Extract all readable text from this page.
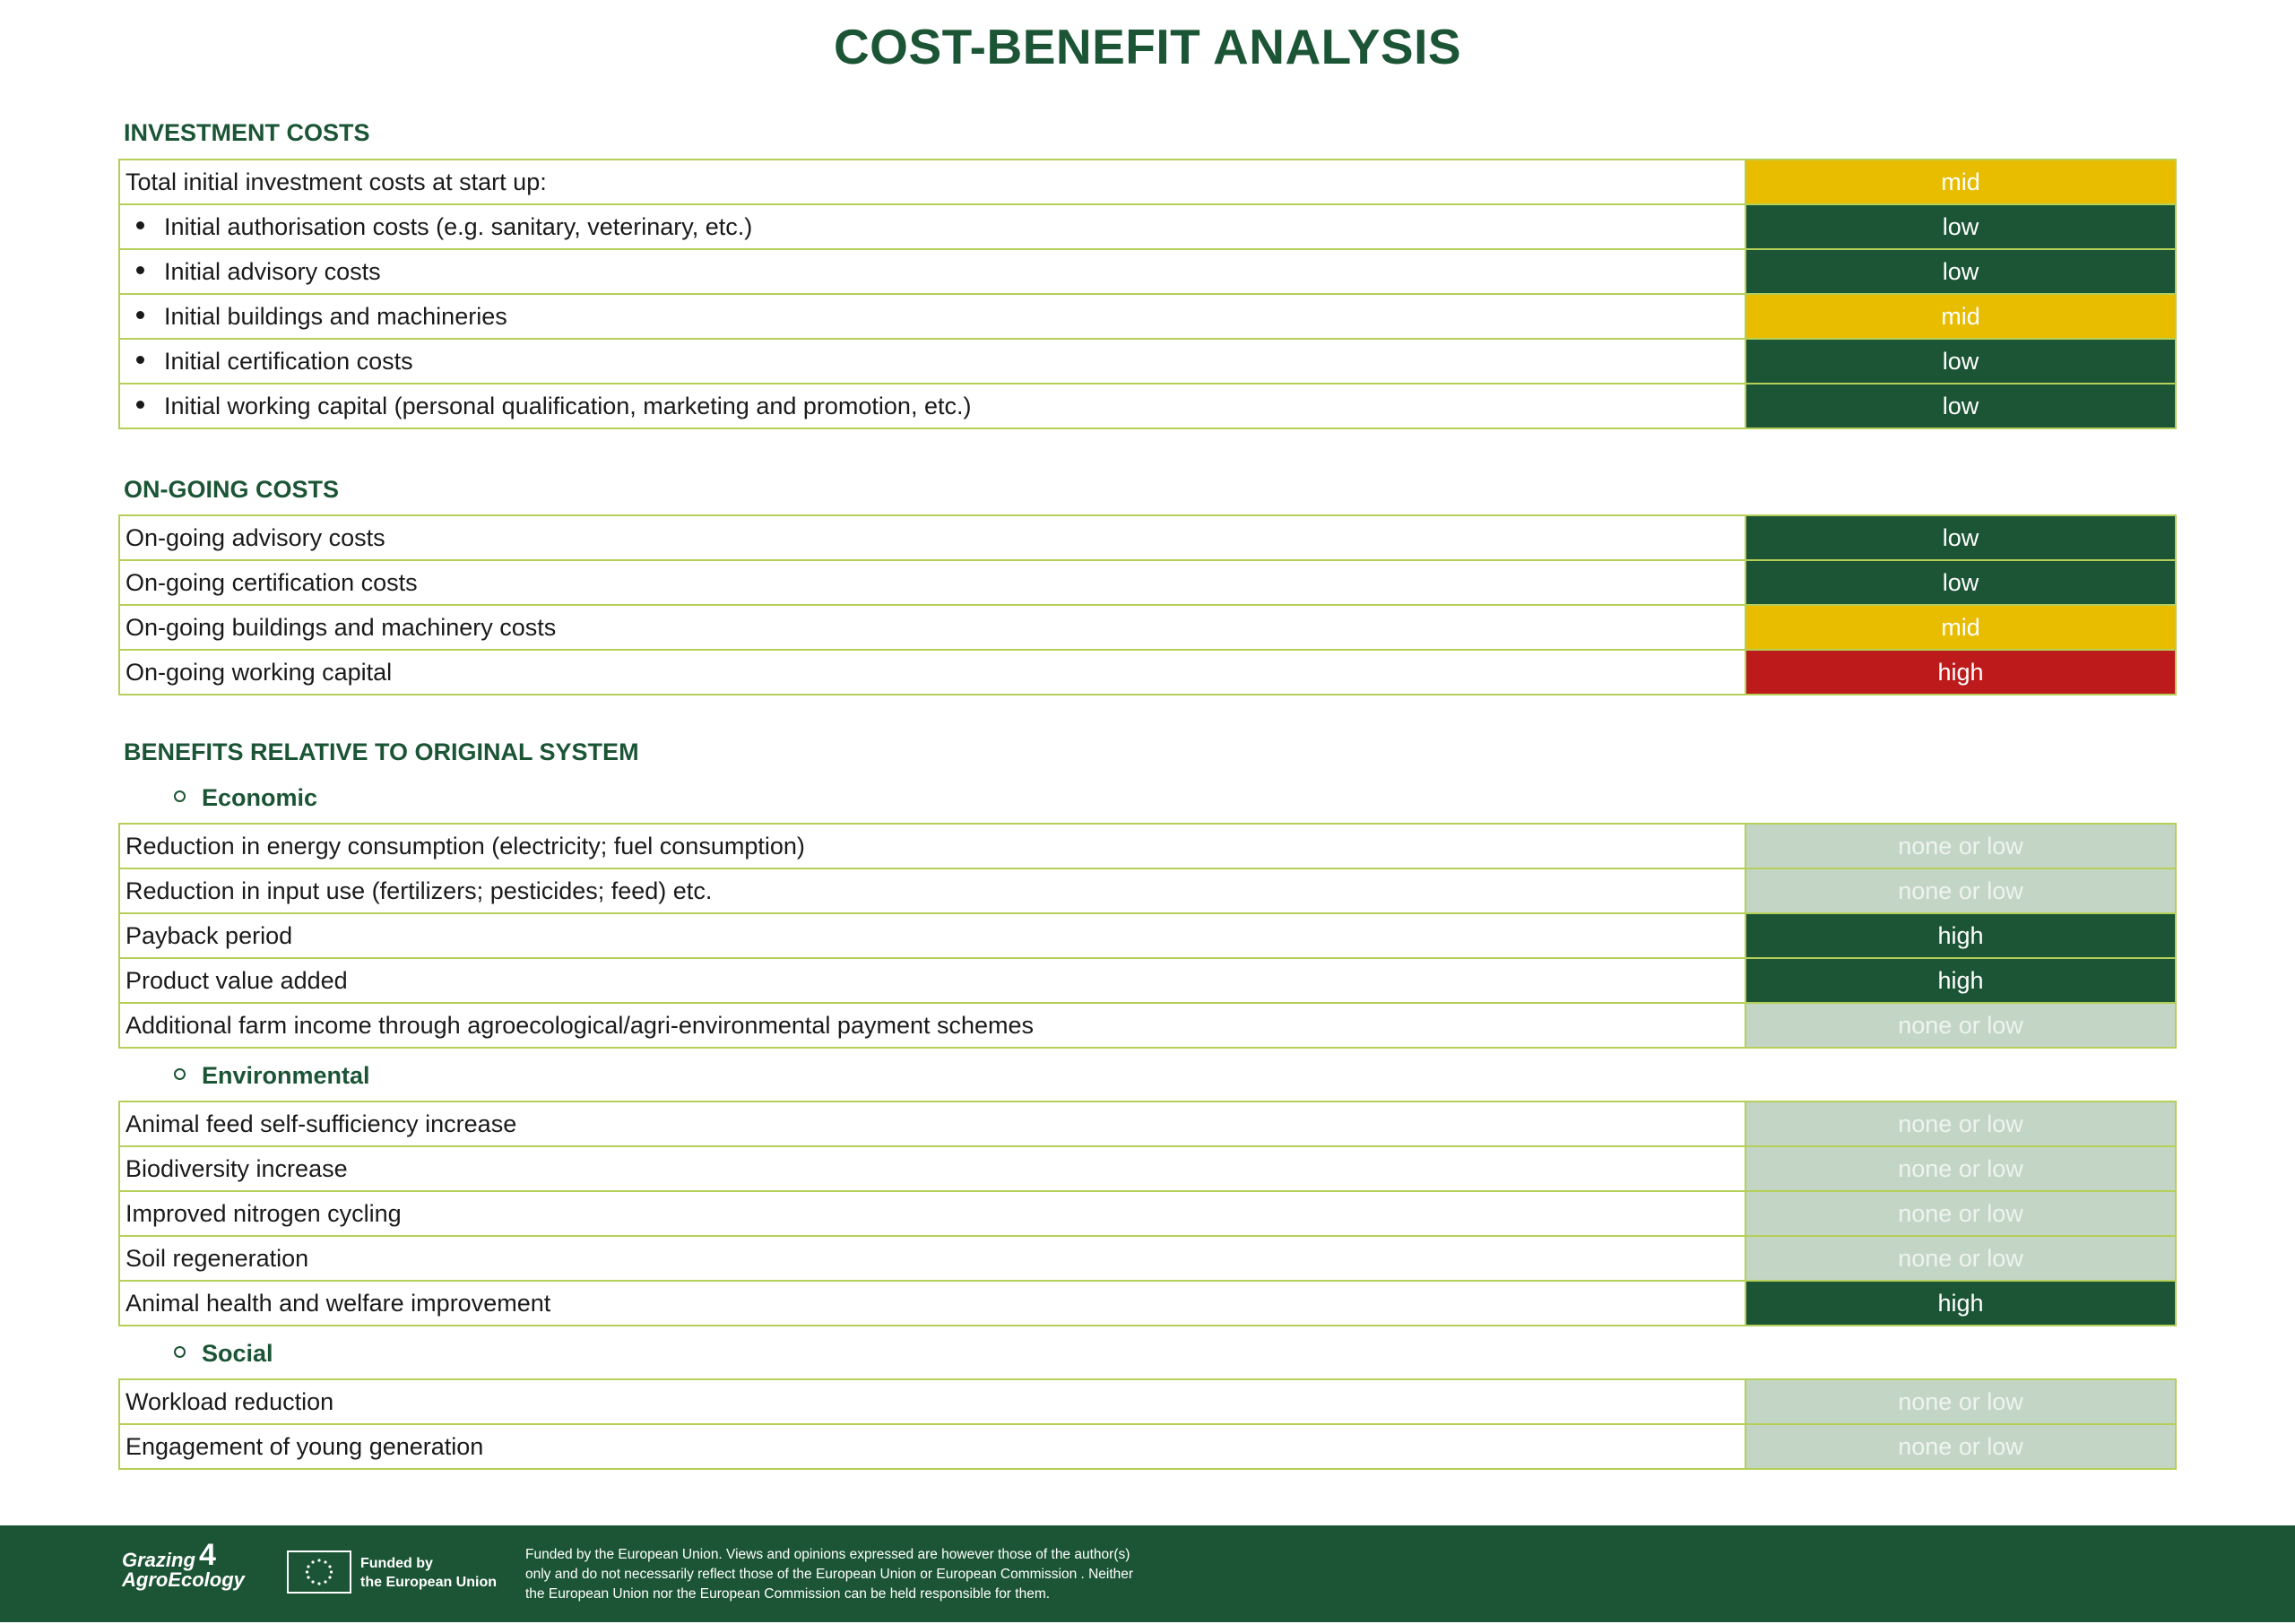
COST-BENEFIT ANALYSIS
INVESTMENT COSTS
Total initial investment costs at start up:	mid
Initial authorisation costs (e.g. sanitary, veterinary, etc.)	low
Initial advisory costs	low
Initial buildings and machineries	mid
Initial certification costs	low
Initial working capital (personal qualification, marketing and promotion, etc.)	low
ON-GOING COSTS
On-going advisory costs	low
On-going certification costs	low
On-going buildings and machinery costs	mid
On-going working capital	high
BENEFITS RELATIVE TO ORIGINAL SYSTEM
Economic
Reduction in energy consumption (electricity; fuel consumption)	none or low
Reduction in input use (fertilizers; pesticides; feed) etc.	none or low
Payback period	high
Product value added	high
Additional farm income through agroecological/agri-environmental payment schemes	none or low
Environmental
Animal feed self-sufficiency increase	none or low
Biodiversity increase	none or low
Improved nitrogen cycling	none or low
Soil regeneration	none or low
Animal health and welfare improvement	high
Social
Workload reduction	none or low
Engagement of young generation	none or low
Grazing
AgroEcology
4	Funded by
the European Union
Funded by the European Union. Views and opinions expressed are however those of the author(s)
only and do not necessarily reflect those of the European Union or European Commission . Neither
the European Union nor the European Commission can be held responsible for them.
